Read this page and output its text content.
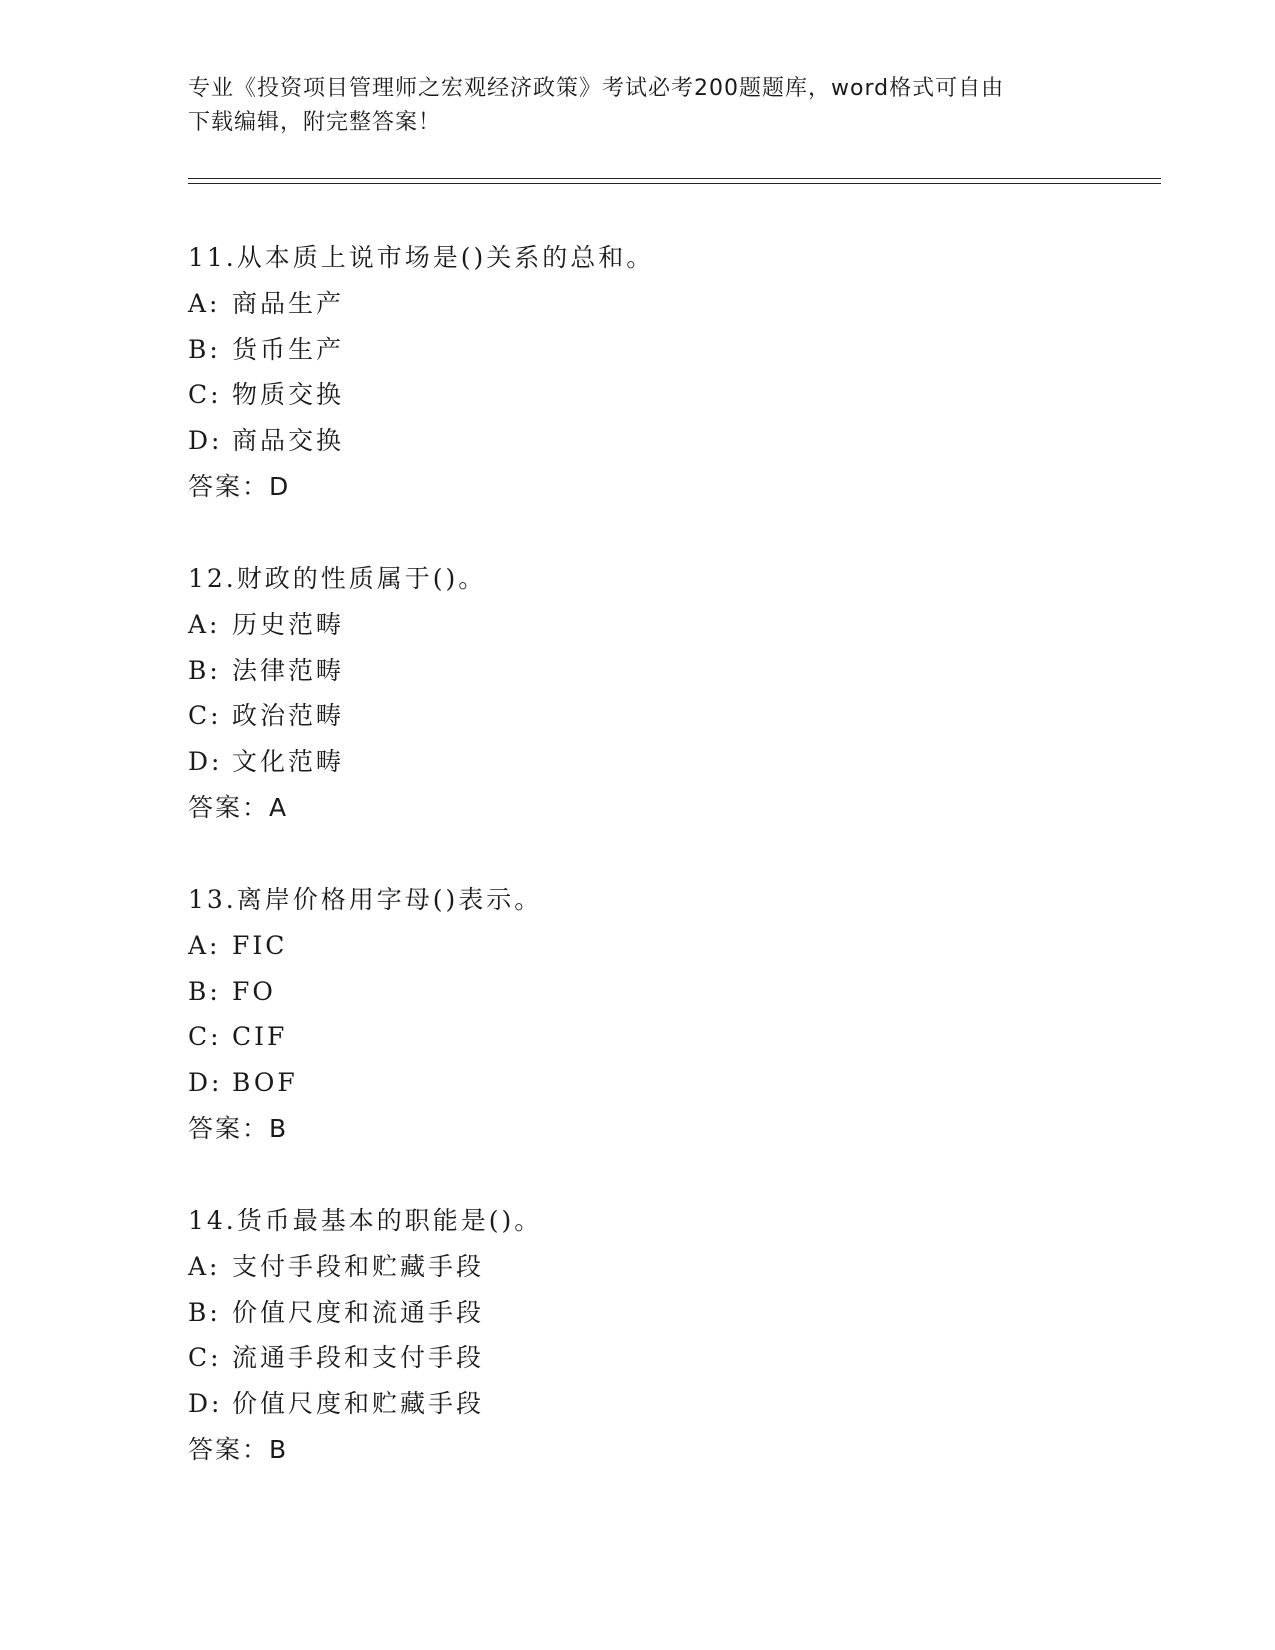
专业《投资项目管理师之宏观经济政策》考试必考200题题库，word格式可自由
下载编辑，附完整答案！
11.从本质上说市场是()关系的总和。
A: 商品生产
B: 货币生产
C: 物质交换
D: 商品交换
答案：D
12.财政的性质属于()。
A: 历史范畴
B: 法律范畴
C: 政治范畴
D: 文化范畴
答案：A
13.离岸价格用字母()表示。
A: FIC
B: FO
C: CIF
D: BOF
答案：B
14.货币最基本的职能是()。
A: 支付手段和贮藏手段
B: 价值尺度和流通手段
C: 流通手段和支付手段
D: 价值尺度和贮藏手段
答案：B
